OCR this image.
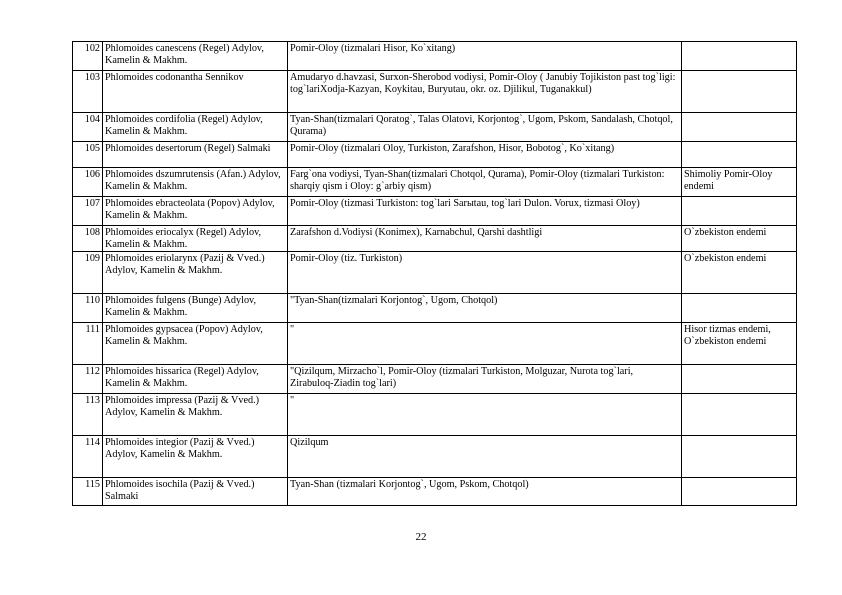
102	Phlomoides canescens (Regel) Adylov, Kamelin & Makhm.	Pomir-Oloy (tizmalari Hisor, Ko`xitang)	
103	Phlomoides codonantha Sennikov	Amudaryo d.havzasi, Surxon-Sherobod vodiysi, Pomir-Oloy ( Janubiy Tojikiston past tog`ligi: tog`lariXodja-Kazyan, Koykitau, Buryutau, okr. oz. Djilikul, Tuganakkul)	
104	Phlomoides cordifolia (Regel) Adylov, Kamelin & Makhm.	Tyan-Shan(tizmalari Qoratog`, Talas Olatovi, Korjontog`, Ugom, Pskom, Sandalash, Chotqol, Qurama)	
105	Phlomoides desertorum (Regel) Salmaki	Pomir-Oloy (tizmalari Oloy, Turkiston, Zarafshon, Hisor, Bobotog`, Ko`xitang)	
106	Phlomoides dszumrutensis (Afan.) Adylov, Kamelin & Makhm.	Farg`ona vodiysi, Tyan-Shan(tizmalari Chotqol, Qurama), Pomir-Oloy (tizmalari Turkiston: sharqiy qism i Oloy: g`arbiy qism)	Shimoliy Pomir-Oloy endemi
107	Phlomoides ebracteolata (Popov) Adylov, Kamelin & Makhm.	Pomir-Oloy (tizmasi Turkiston: tog`lari Sarыtau, tog`lari Dulon. Vorux, tizmasi Oloy)	
108	Phlomoides eriocalyx (Regel) Adylov, Kamelin & Makhm.	Zarafshon d.Vodiysi (Konimex), Karnabchul, Qarshi dashtligi	O`zbekiston endemi
109	Phlomoides eriolarynx (Pazij & Vved.) Adylov, Kamelin & Makhm.	Pomir-Oloy (tiz. Turkiston)	O`zbekiston endemi
110	Phlomoides fulgens (Bunge) Adylov, Kamelin & Makhm.	"Tyan-Shan(tizmalari Korjontog`, Ugom, Chotqol)	
111	Phlomoides gypsacea (Popov) Adylov, Kamelin & Makhm.	"	Hisor tizmas endemi, O`zbekiston endemi
112	Phlomoides hissarica (Regel) Adylov, Kamelin & Makhm.	"Qizilqum, Mirzacho`l, Pomir-Oloy (tizmalari Turkiston, Molguzar, Nurota tog`lari, Zirabuloq-Ziadin tog`lari)	
113	Phlomoides impressa (Pazij & Vved.) Adylov, Kamelin & Makhm.	"	
114	Phlomoides integior (Pazij & Vved.) Adylov, Kamelin & Makhm.	Qizilqum	
115	Phlomoides isochila (Pazij & Vved.) Salmaki	Tyan-Shan (tizmalari Korjontog`, Ugom, Pskom, Chotqol)	
22
